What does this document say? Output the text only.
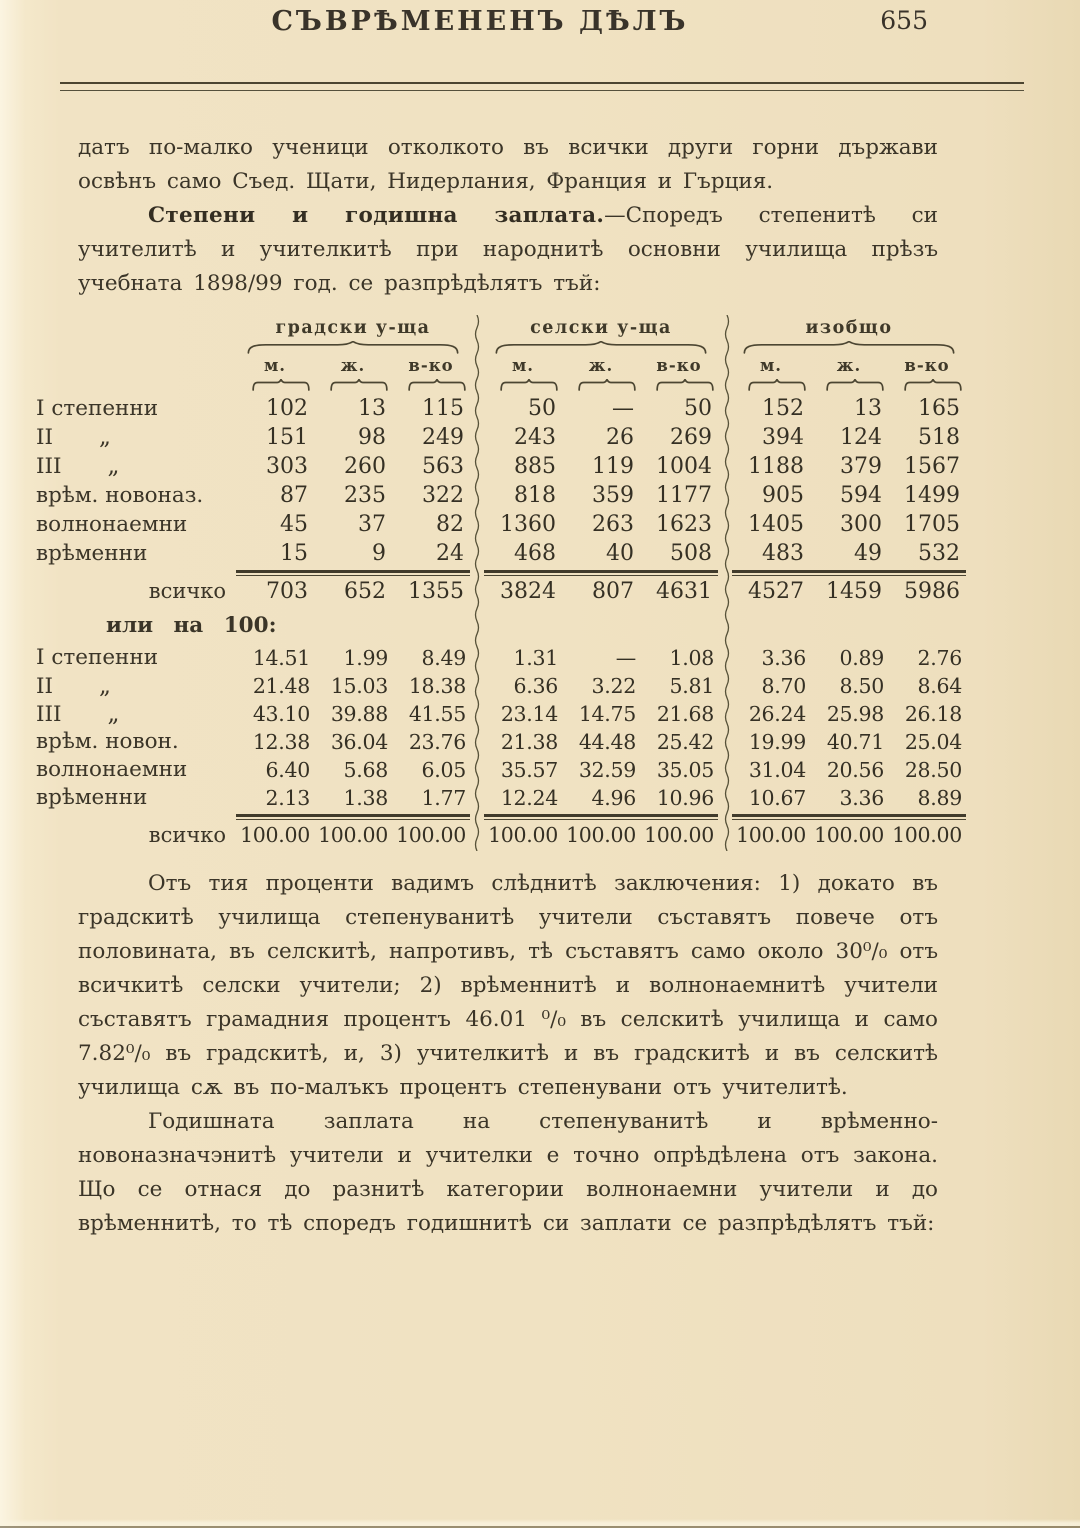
СЪВРѢМЕНЕНЪ ДѢЛЪ	655

датъ по-малко ученици отколкото въ всички други горни държави освѣнъ само Съед. Щати, Нидерлания, Франция и Гърция.

Степени и годишна заплата.—Споредъ степенитѣ си учителитѣ и учителкитѣ при народнитѣ основни училища прѣзъ учебната 1898/99 год. се разпрѣдѣлятъ тъй:

градски у-ща	селски у-ща	изобщо
м.	ж.	в-ко	м.	ж.	в-ко	м.	ж.	в-ко
I степенни	102	13	115	50	—	50	152	13	165
II „	151	98	249	243	26	269	394	124	518
III „	303	260	563	885	119	1004	1188	379	1567
врѣм. новоназ.	87	235	322	818	359	1177	905	594	1499
волнонаемни	45	37	82	1360	263	1623	1405	300	1705
врѣменни	15	9	24	468	40	508	483	49	532
всичко	703	652	1355	3824	807	4631	4527	1459	5986
или на 100:
I степенни	14.51	1.99	8.49	1.31	—	1.08	3.36	0.89	2.76
II „	21.48	15.03	18.38	6.36	3.22	5.81	8.70	8.50	8.64
III „	43.10	39.88	41.55	23.14	14.75	21.68	26.24	25.98	26.18
врѣм. новон.	12.38	36.04	23.76	21.38	44.48	25.42	19.99	40.71	25.04
волнонаемни	6.40	5.68	6.05	35.57	32.59	35.05	31.04	20.56	28.50
врѣменни	2.13	1.38	1.77	12.24	4.96	10.96	10.67	3.36	8.89
всичко 100.00 100.00 100.00 100.00 100.00 100.00 100.00 100.00 100.00

Отъ тия проценти вадимъ слѣднитѣ заключения: 1) докато въ градскитѣ училища степенуванитѣ учители съставятъ повече отъ половината, въ селскитѣ, напротивъ, тѣ съставятъ само около 30⁰/₀ отъ всичкитѣ селски учители; 2) врѣменнитѣ и волнонаемнитѣ учители съставятъ грамадния процентъ 46.01 ⁰/₀ въ селскитѣ училища и само 7.82⁰/₀ въ градскитѣ, и, 3) учителкитѣ и въ градскитѣ и въ селскитѣ училища сѫ въ по-малъкъ процентъ степенувани отъ учителитѣ.

Годишната заплата на степенуванитѣ и врѣменно-новоназначэнитѣ учители и учителки е точно опрѣдѣлена отъ закона. Що се отнася до разнитѣ категории волнонаемни учители и до врѣменнитѣ, то тѣ споредъ годишнитѣ си заплати се разпрѣдѣлятъ тъй:
